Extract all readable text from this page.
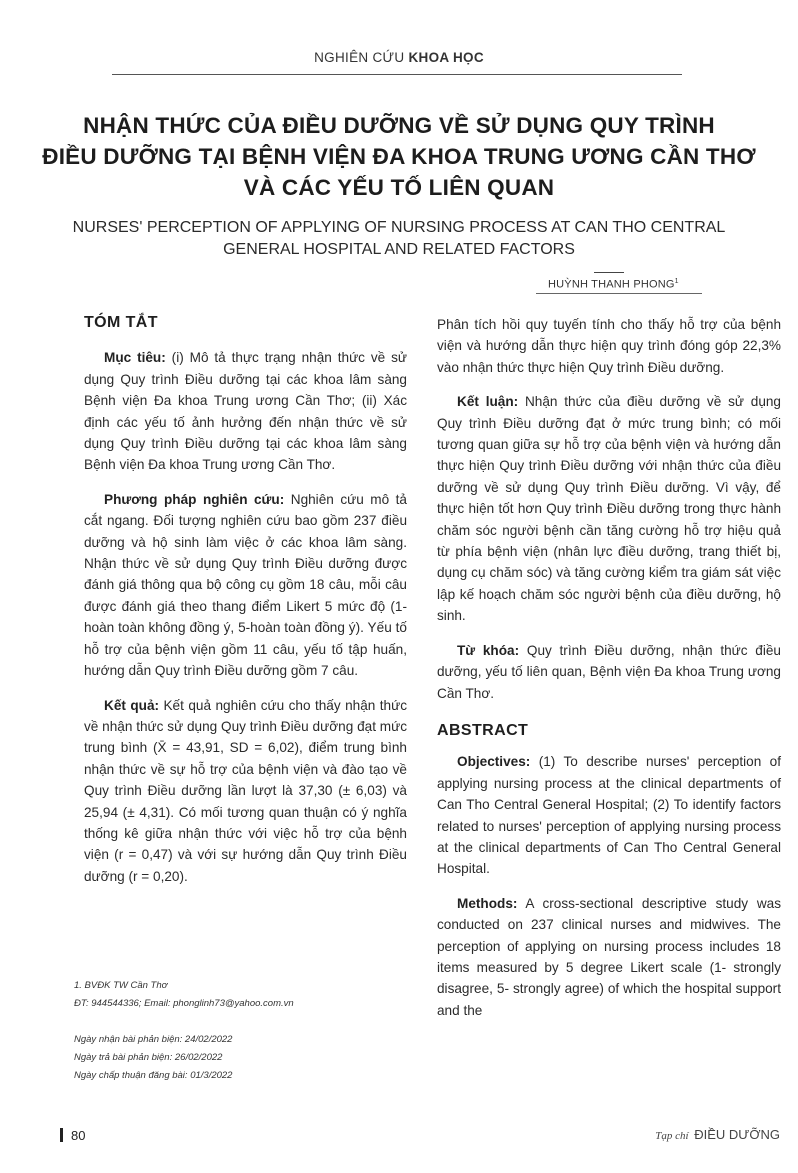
NGHIÊN CỨU KHOA HỌC
NHẬN THỨC CỦA ĐIỀU DƯỠNG VỀ SỬ DỤNG QUY TRÌNH
ĐIỀU DƯỠNG TẠI BỆNH VIỆN ĐA KHOA TRUNG ƯƠNG CẦN THƠ
VÀ CÁC YẾU TỐ LIÊN QUAN
NURSES' PERCEPTION OF APPLYING OF NURSING PROCESS AT CAN THO CENTRAL
GENERAL HOSPITAL AND RELATED FACTORS
HUỲNH THANH PHONG$^1$
TÓM TẮT

Mục tiêu: (i) Mô tả thực trạng nhận thức về sử dụng Quy trình Điều dưỡng tại các khoa lâm sàng Bệnh viện Đa khoa Trung ương Cần Thơ; (ii) Xác định các yếu tố ảnh hưởng đến nhận thức về sử dụng Quy trình Điều dưỡng tại các khoa lâm sàng Bệnh viện Đa khoa Trung ương Cần Thơ.

Phương pháp nghiên cứu: Nghiên cứu mô tả cắt ngang. Đối tượng nghiên cứu bao gồm 237 điều dưỡng và hộ sinh làm việc ở các khoa lâm sàng. Nhận thức về sử dụng Quy trình Điều dưỡng được đánh giá thông qua bộ công cụ gồm 18 câu, mỗi câu được đánh giá theo thang điểm Likert 5 mức độ (1-hoàn toàn không đồng ý, 5-hoàn toàn đồng ý). Yếu tố hỗ trợ của bệnh viện gồm 11 câu, yếu tố tập huấn, hướng dẫn Quy trình Điều dưỡng gồm 7 câu.

Kết quả: Kết quả nghiên cứu cho thấy nhận thức về nhận thức sử dụng Quy trình Điều dưỡng đạt mức trung bình (X̄ = 43,91, SD = 6,02), điểm trung bình nhận thức về sự hỗ trợ của bệnh viện và đào tạo về Quy trình Điều dưỡng lần lượt là 37,30 (± 6,03) và 25,94 (± 4,31). Có mối tương quan thuận có ý nghĩa thống kê giữa nhận thức với việc hỗ trợ của bệnh viện (r = 0,47) và với sự hướng dẫn Quy trình Điều dưỡng (r = 0,20).

1. BVĐK TW Cần Thơ
ĐT: 944544336; Email: phonglinh73@yahoo.com.vn
Ngày nhận bài phản biện: 24/02/2022
Ngày trả bài phản biện: 26/02/2022
Ngày chấp thuận đăng bài: 01/3/2022

Phân tích hồi quy tuyến tính cho thấy hỗ trợ của bệnh viện và hướng dẫn thực hiện quy trình đóng góp 22,3% vào nhận thức thực hiện Quy trình Điều dưỡng.

Kết luận: Nhận thức của điều dưỡng về sử dụng Quy trình Điều dưỡng đạt ở mức trung bình; có mối tương quan giữa sự hỗ trợ của bệnh viện và hướng dẫn thực hiện Quy trình Điều dưỡng với nhận thức của điều dưỡng về sử dụng Quy trình Điều dưỡng. Vì vậy, để thực hiện tốt hơn Quy trình Điều dưỡng trong thực hành chăm sóc người bệnh cần tăng cường hỗ trợ hiệu quả từ phía bệnh viện (nhân lực điều dưỡng, trang thiết bị, dụng cụ chăm sóc) và tăng cường kiểm tra giám sát việc lập kế hoạch chăm sóc người bệnh của điều dưỡng, hộ sinh.

Từ khóa: Quy trình Điều dưỡng, nhận thức điều dưỡng, yếu tố liên quan, Bệnh viện Đa khoa Trung ương Cần Thơ.

ABSTRACT

Objectives: (1) To describe nurses' perception of applying nursing process at the clinical departments of Can Tho Central General Hospital; (2) To identify factors related to nurses' perception of applying nursing process at the clinical departments of Can Tho Central General Hospital.

Methods: A cross-sectional descriptive study was conducted on 237 clinical nurses and midwives. The perception of applying on nursing process includes 18 items measured by 5 degree Likert scale (1- strongly disagree, 5- strongly agree) of which the hospital support and the

80	Tạp chí ĐIỀU DƯỠNG
